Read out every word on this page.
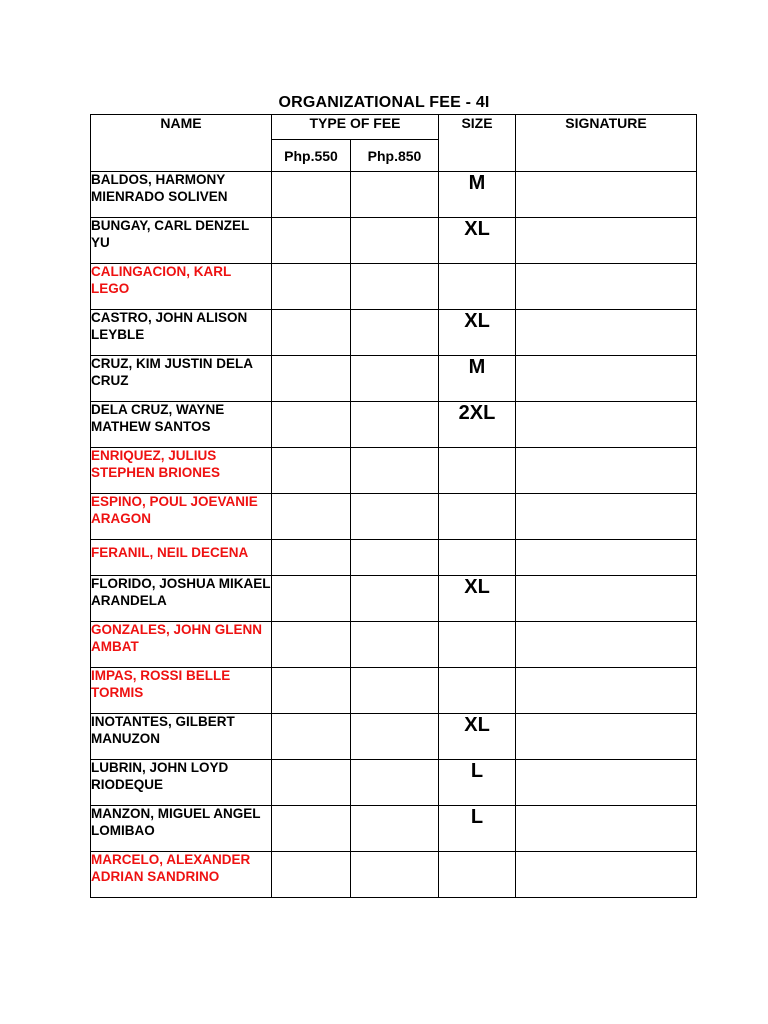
ORGANIZATIONAL FEE - 4I
NAME	TYPE OF FEE		SIZE	SIGNATURE
	Php.550	Php.850		
BALDOS, HARMONY MIENRADO SOLIVEN			M	
BUNGAY, CARL DENZEL YU			XL	
CALINGACION, KARL LEGO				
CASTRO, JOHN ALISON LEYBLE			XL	
CRUZ, KIM JUSTIN DELA CRUZ			M	
DELA CRUZ, WAYNE MATHEW SANTOS			2XL	
ENRIQUEZ, JULIUS STEPHEN BRIONES				
ESPINO, POUL JOEVANIE ARAGON				
FERANIL, NEIL DECENA				
FLORIDO, JOSHUA MIKAEL ARANDELA			XL	
GONZALES, JOHN GLENN AMBAT				
IMPAS, ROSSI BELLE TORMIS				
INOTANTES, GILBERT MANUZON			XL	
LUBRIN, JOHN LOYD RIODEQUE			L	
MANZON, MIGUEL ANGEL LOMIBAO			L	
MARCELO, ALEXANDER ADRIAN SANDRINO				
